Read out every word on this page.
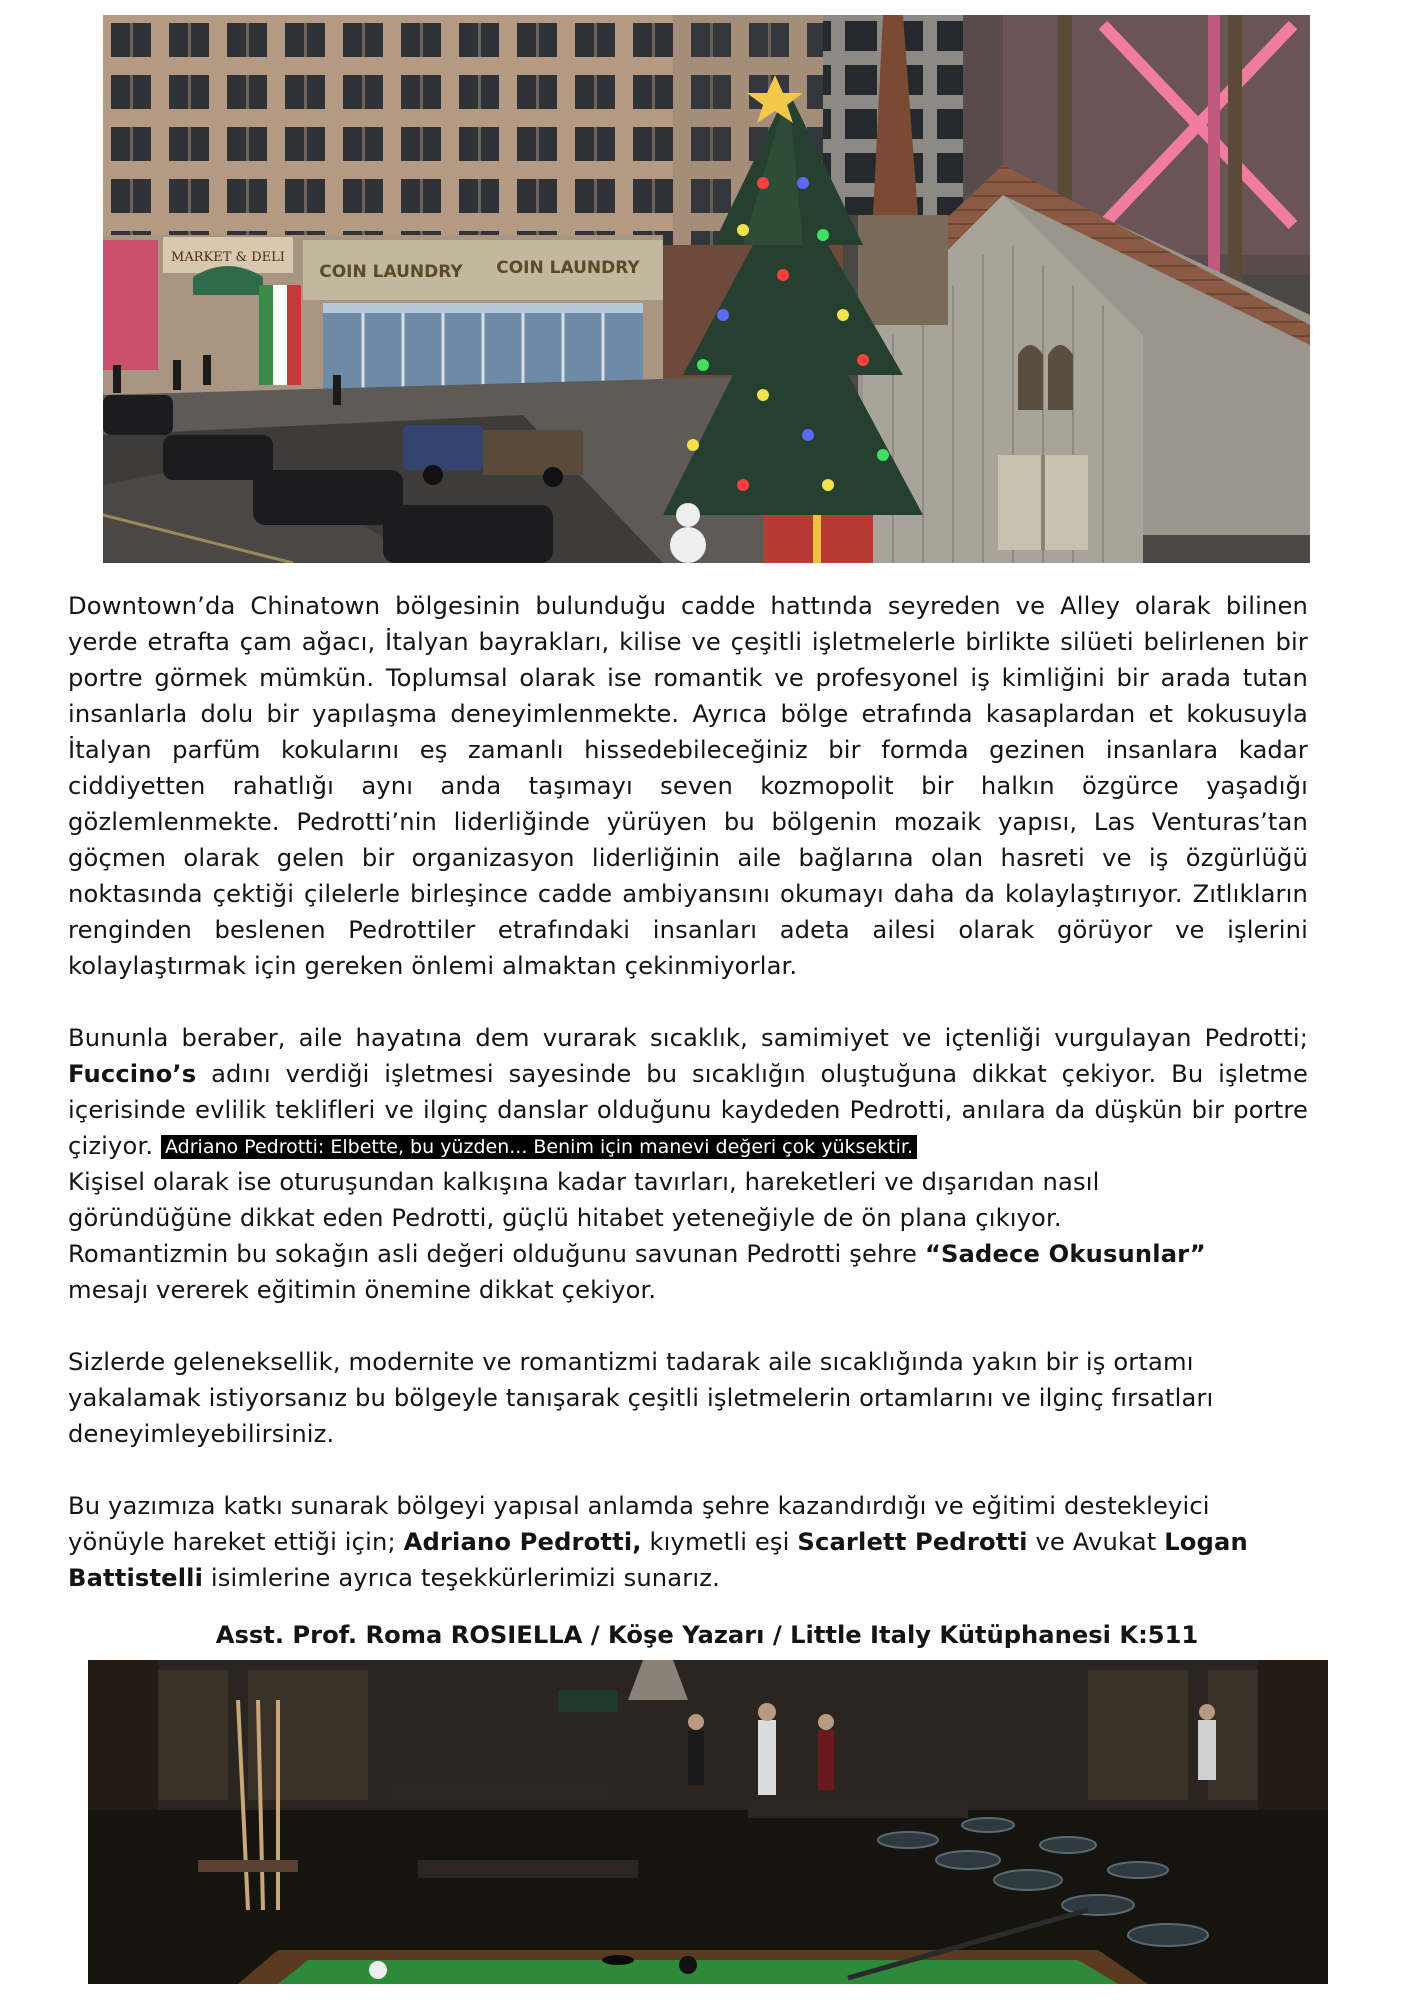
MARKET & DELI
COIN LAUNDRY COIN LAUNDRY

Downtown’da Chinatown bölgesinin bulunduğu cadde hattında seyreden ve Alley olarak bilinen yerde etrafta çam ağacı, İtalyan bayrakları, kilise ve çeşitli işletmelerle birlikte silüeti belirlenen bir portre görmek mümkün. Toplumsal olarak ise romantik ve profesyonel iş kimliğini bir arada tutan insanlarla dolu bir yapılaşma deneyimlenmekte. Ayrıca bölge etrafında kasaplardan et kokusuyla İtalyan parfüm kokularını eş zamanlı hissedebileceğiniz bir formda gezinen insanlara kadar ciddiyetten rahatlığı aynı anda taşımayı seven kozmopolit bir halkın özgürce yaşadığı gözlemlenmekte. Pedrotti’nin liderliğinde yürüyen bu bölgenin mozaik yapısı, Las Venturas’tan göçmen olarak gelen bir organizasyon liderliğinin aile bağlarına olan hasreti ve iş özgürlüğü noktasında çektiği çilelerle birleşince cadde ambiyansını okumayı daha da kolaylaştırıyor. Zıtlıkların renginden beslenen Pedrottiler etrafındaki insanları adeta ailesi olarak görüyor ve işlerini kolaylaştırmak için gereken önlemi almaktan çekinmiyorlar.

Bununla beraber, aile hayatına dem vurarak sıcaklık, samimiyet ve içtenliği vurgulayan Pedrotti; Fuccino’s adını verdiği işletmesi sayesinde bu sıcaklığın oluştuğuna dikkat çekiyor. Bu işletme içerisinde evlilik teklifleri ve ilginç danslar olduğunu kaydeden Pedrotti, anılara da düşkün bir portre çiziyor. Adriano Pedrotti: Elbette, bu yüzden... Benim için manevi değeri çok yüksektir.
Kişisel olarak ise oturuşundan kalkışına kadar tavırları, hareketleri ve dışarıdan nasıl
göründüğüne dikkat eden Pedrotti, güçlü hitabet yeteneğiyle de ön plana çıkıyor.
Romantizmin bu sokağın asli değeri olduğunu savunan Pedrotti şehre “Sadece Okusunlar”
mesajı vererek eğitimin önemine dikkat çekiyor.

Sizlerde geleneksellik, modernite ve romantizmi tadarak aile sıcaklığında yakın bir iş ortamı yakalamak istiyorsanız bu bölgeyle tanışarak çeşitli işletmelerin ortamlarını ve ilginç fırsatları deneyimleyebilirsiniz.

Bu yazımıza katkı sunarak bölgeyi yapısal anlamda şehre kazandırdığı ve eğitimi destekleyici yönüyle hareket ettiği için; Adriano Pedrotti, kıymetli eşi Scarlett Pedrotti ve Avukat Logan Battistelli isimlerine ayrıca teşekkürlerimizi sunarız.

Asst. Prof. Roma ROSIELLA / Köşe Yazarı / Little Italy Kütüphanesi K:511
